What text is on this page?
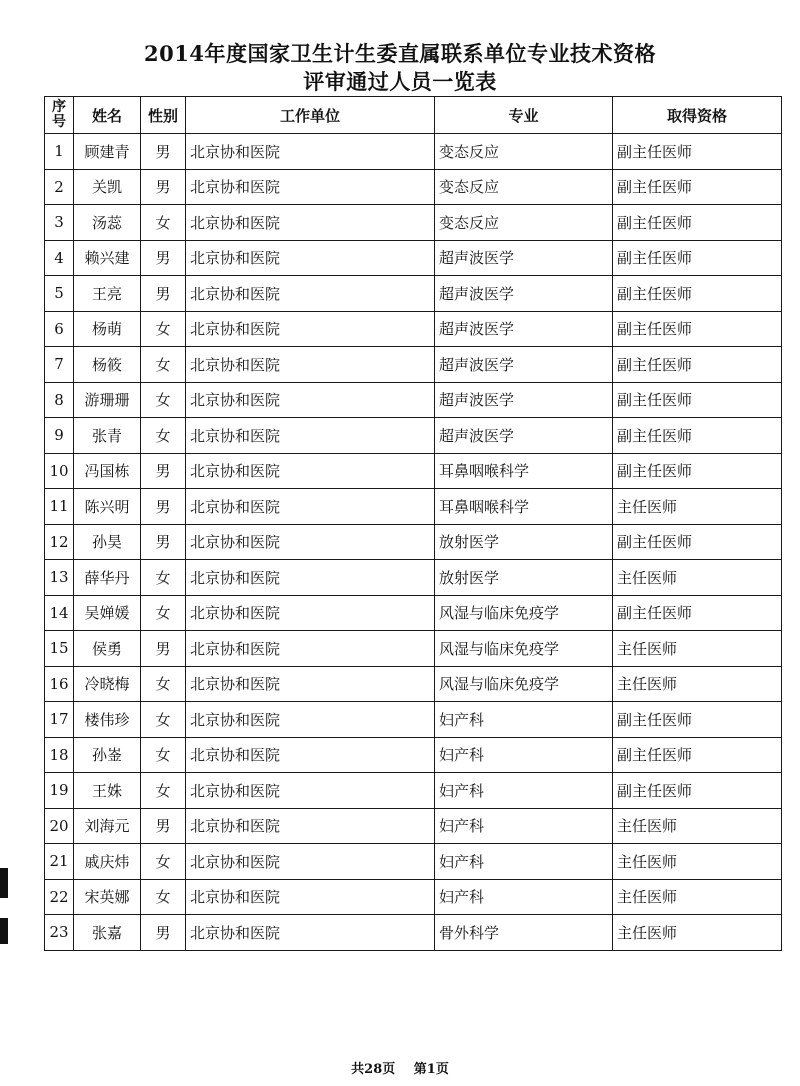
2014年度国家卫生计生委直属联系单位专业技术资格
评审通过人员一览表
序
号	姓名	性别	工作单位	专业	取得资格
1	顾建青	男	北京协和医院	变态反应	副主任医师
2	关凯	男	北京协和医院	变态反应	副主任医师
3	汤蕊	女	北京协和医院	变态反应	副主任医师
4	赖兴建	男	北京协和医院	超声波医学	副主任医师
5	王亮	男	北京协和医院	超声波医学	副主任医师
6	杨萌	女	北京协和医院	超声波医学	副主任医师
7	杨筱	女	北京协和医院	超声波医学	副主任医师
8	游珊珊	女	北京协和医院	超声波医学	副主任医师
9	张青	女	北京协和医院	超声波医学	副主任医师
10	冯国栋	男	北京协和医院	耳鼻咽喉科学	副主任医师
11	陈兴明	男	北京协和医院	耳鼻咽喉科学	主任医师
12	孙昊	男	北京协和医院	放射医学	副主任医师
13	薛华丹	女	北京协和医院	放射医学	主任医师
14	吴婵媛	女	北京协和医院	风湿与临床免疫学	副主任医师
15	侯勇	男	北京协和医院	风湿与临床免疫学	主任医师
16	冷晓梅	女	北京协和医院	风湿与临床免疫学	主任医师
17	楼伟珍	女	北京协和医院	妇产科	副主任医师
18	孙崟	女	北京协和医院	妇产科	副主任医师
19	王姝	女	北京协和医院	妇产科	副主任医师
20	刘海元	男	北京协和医院	妇产科	主任医师
21	戚庆炜	女	北京协和医院	妇产科	主任医师
22	宋英娜	女	北京协和医院	妇产科	主任医师
23	张嘉	男	北京协和医院	骨外科学	主任医师
共28页 第1页
